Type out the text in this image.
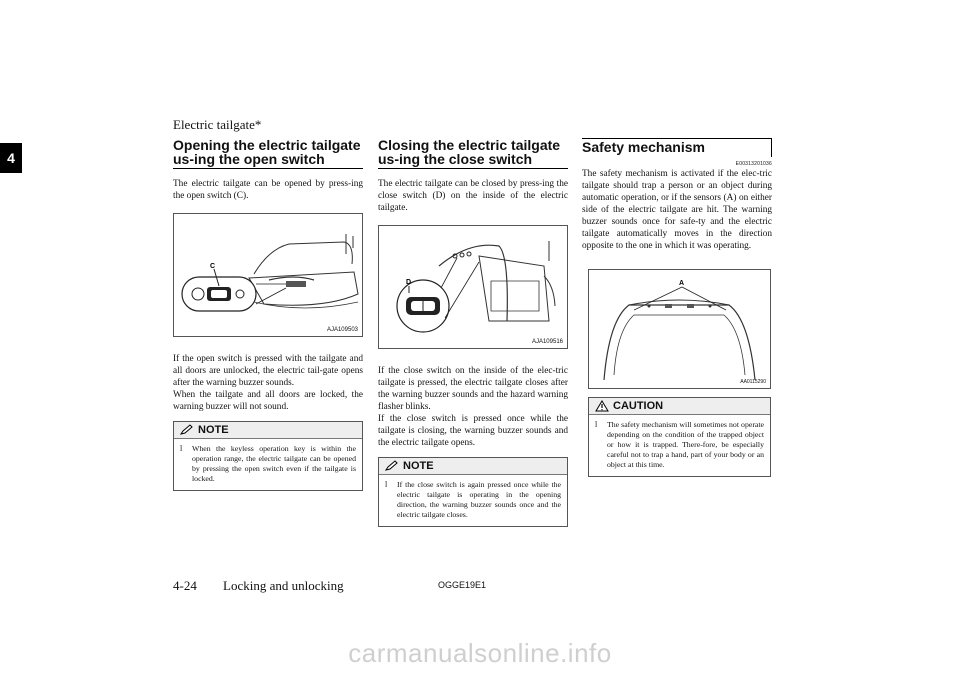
Electric tailgate*
4
Opening the electric tailgate us-ing the open switch

The electric tailgate can be opened by press-ing the open switch (C).

C
AJA109503

If the open switch is pressed with the tailgate and all doors are unlocked, the electric tail-gate opens after the warning buzzer sounds.

When the tailgate and all doors are locked, the warning buzzer will not sound.

NOTE
l	When the keyless operation key is within the operation range, the electric tailgate can be opened by pressing the open switch even if the tailgate is locked.
Closing the electric tailgate us-ing the close switch

The electric tailgate can be closed by press-ing the close switch (D) on the inside of the electric tailgate.

D
AJA109516

If the close switch on the inside of the elec-tric tailgate is pressed, the electric tailgate closes after the warning buzzer sounds and the hazard warning flasher blinks.

If the close switch is pressed once while the tailgate is closing, the warning buzzer sounds and the electric tailgate opens.

NOTE
l	If the close switch is again pressed once while the electric tailgate is operating in the opening direction, the warning buzzer sounds once and the electric tailgate closes.
Safety mechanism
E00313201036

The safety mechanism is activated if the elec-tric tailgate should trap a person or an object during automatic operation, or if the sensors (A) on either side of the electric tailgate are hit. The warning buzzer sounds once for safe-ty and the electric tailgate automatically moves in the direction opposite to the one in which it was operating.

A
AA0115290
CAUTION
l	The safety mechanism will sometimes not operate depending on the condition of the trapped object or how it is trapped. There-fore, be especially careful not to trap a hand, part of your body or an object at this time.
4-24 Locking and unlocking	OGGE19E1
carmanualsonline.info
